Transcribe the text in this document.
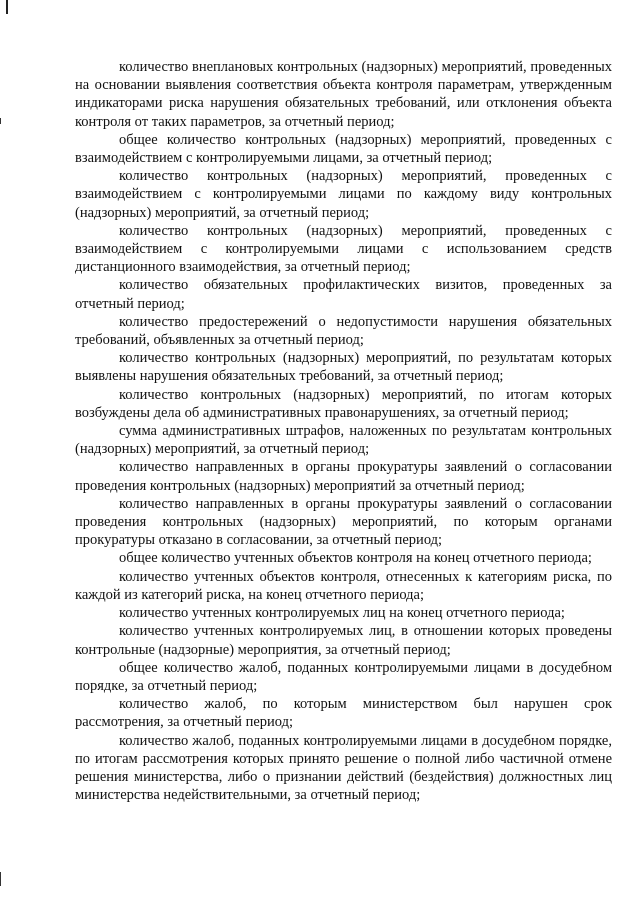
количество внеплановых контрольных (надзорных) мероприятий, проведенных на основании выявления соответствия объекта контроля параметрам, утвержденным индикаторами риска нарушения обязательных требований, или отклонения объекта контроля от таких параметров, за отчетный период;

общее количество контрольных (надзорных) мероприятий, проведенных с взаимодействием с контролируемыми лицами, за отчетный период;

количество контрольных (надзорных) мероприятий, проведенных с взаимодействием с контролируемыми лицами по каждому виду контрольных (надзорных) мероприятий, за отчетный период;

количество контрольных (надзорных) мероприятий, проведенных с взаимодействием с контролируемыми лицами с использованием средств дистанционного взаимодействия, за отчетный период;

количество обязательных профилактических визитов, проведенных за отчетный период;

количество предостережений о недопустимости нарушения обязательных требований, объявленных за отчетный период;

количество контрольных (надзорных) мероприятий, по результатам которых выявлены нарушения обязательных требований, за отчетный период;

количество контрольных (надзорных) мероприятий, по итогам которых возбуждены дела об административных правонарушениях, за отчетный период;

сумма административных штрафов, наложенных по результатам контрольных (надзорных) мероприятий, за отчетный период;

количество направленных в органы прокуратуры заявлений о согласовании проведения контрольных (надзорных) мероприятий за отчетный период;

количество направленных в органы прокуратуры заявлений о согласовании проведения контрольных (надзорных) мероприятий, по которым органами прокуратуры отказано в согласовании, за отчетный период;

общее количество учтенных объектов контроля на конец отчетного периода;

количество учтенных объектов контроля, отнесенных к категориям риска, по каждой из категорий риска, на конец отчетного периода;

количество учтенных контролируемых лиц на конец отчетного периода;

количество учтенных контролируемых лиц, в отношении которых проведены контрольные (надзорные) мероприятия, за отчетный период;

общее количество жалоб, поданных контролируемыми лицами в досудебном порядке, за отчетный период;

количество жалоб, по которым министерством был нарушен срок рассмотрения, за отчетный период;

количество жалоб, поданных контролируемыми лицами в досудебном порядке, по итогам рассмотрения которых принято решение о полной либо частичной отмене решения министерства, либо о признании действий (бездействия) должностных лиц министерства недействительными, за отчетный период;
